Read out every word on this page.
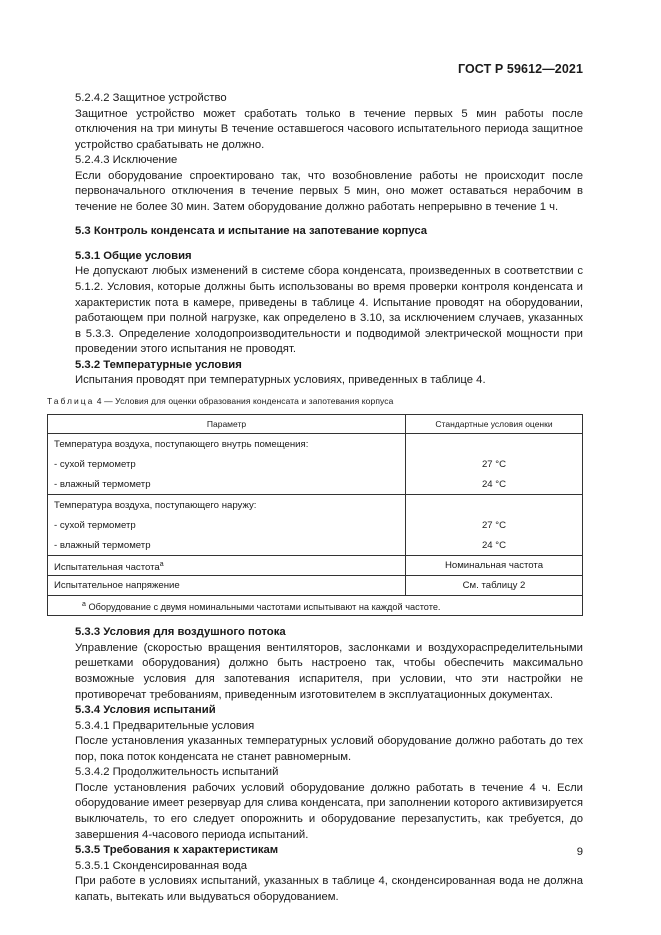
ГОСТ Р 59612—2021

5.2.4.2 Защитное устройство

Защитное устройство может сработать только в течение первых 5 мин работы после отключения на три минуты В течение оставшегося часового испытательного периода защитное устройство срабатывать не должно.

5.2.4.3 Исключение

Если оборудование спроектировано так, что возобновление работы не происходит после первоначального отключения в течение первых 5 мин, оно может оставаться нерабочим в течение не более 30 мин. Затем оборудование должно работать непрерывно в течение 1 ч.

5.3 Контроль конденсата и испытание на запотевание корпуса

5.3.1 Общие условия

Не допускают любых изменений в системе сбора конденсата, произведенных в соответствии с 5.1.2. Условия, которые должны быть использованы во время проверки контроля конденсата и характеристик пота в камере, приведены в таблице 4. Испытание проводят на оборудовании, работающем при полной нагрузке, как определено в 3.10, за исключением случаев, указанных в 5.3.3. Определение холодопроизводительности и подводимой электрической мощности при проведении этого испытания не проводят.

5.3.2 Температурные условия

Испытания проводят при температурных условиях, приведенных в таблице 4.

Таблица 4 — Условия для оценки образования конденсата и запотевания корпуса
Параметр	Стандартные условия оценки
Температура воздуха, поступающего внутрь помещения:	
- сухой термометр	27 °С
- влажный термометр	24 °С
Температура воздуха, поступающего наружу:	
- сухой термометр	27 °С
- влажный термометр	24 °С
Испытательная частота$^a$	Номинальная частота
Испытательное напряжение	См. таблицу 2
$^a$ Оборудование с двумя номинальными частотами испытывают на каждой частоте.	

5.3.3 Условия для воздушного потока

Управление (скоростью вращения вентиляторов, заслонками и воздухораспределительными решетками оборудования) должно быть настроено так, чтобы обеспечить максимально возможные условия для запотевания испарителя, при условии, что эти настройки не противоречат требованиям, приведенным изготовителем в эксплуатационных документах.

5.3.4 Условия испытаний

5.3.4.1 Предварительные условия

После установления указанных температурных условий оборудование должно работать до тех пор, пока поток конденсата не станет равномерным.

5.3.4.2 Продолжительность испытаний

После установления рабочих условий оборудование должно работать в течение 4 ч. Если оборудование имеет резервуар для слива конденсата, при заполнении которого активизируется выключатель, то его следует опорожнить и оборудование перезапустить, как требуется, до завершения 4-часового периода испытаний.

5.3.5 Требования к характеристикам

5.3.5.1 Сконденсированная вода

При работе в условиях испытаний, указанных в таблице 4, сконденсированная вода не должна капать, вытекать или выдуваться оборудованием.

9
